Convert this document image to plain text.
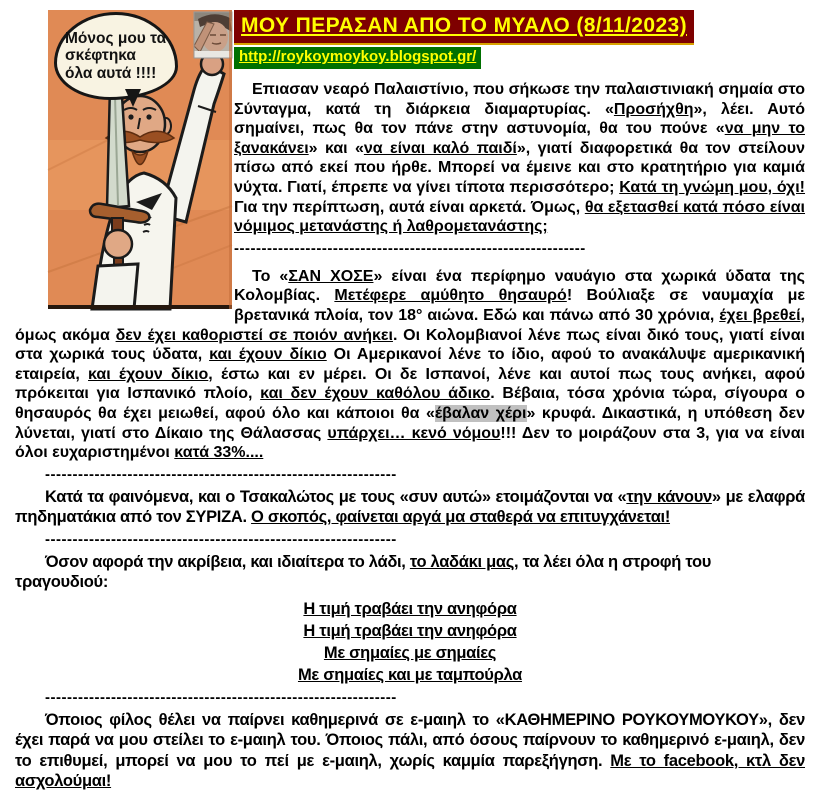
Μόνος μου τα σκέφτηκα όλα αυτά !!!!
ΜΟΥ ΠΕΡΑΣΑΝ ΑΠΟ ΤΟ ΜΥΑΛΟ (8/11/2023)
http://roykoymoykoy.blogspot.gr/
Επιασαν νεαρό Παλαιστίνιο, που σήκωσε την παλαιστινιακή σημαία στο Σύνταγμα, κατά τη διάρκεια διαμαρτυρίας. «Προσήχθη», λέει. Αυτό σημαίνει, πως θα τον πάνε στην αστυνομία, θα του πούνε «να μην το ξανακάνει» και «να είναι καλό παιδί», γιατί διαφορετικά θα τον στείλουν πίσω από εκεί που ήρθε. Μπορεί να έμεινε και στο κρατητήριο για καμιά νύχτα. Γιατί, έπρεπε να γίνει τίποτα περισσότερο; Κατά τη γνώμη μου, όχι! Για την περίπτωση, αυτά είναι αρκετά. Όμως, θα εξετασθεί κατά πόσο είναι νόμιμος μετανάστης ή λαθρομετανάστης;
----------------------------------------------------------------
Το «ΣΑΝ ΧΟΣΕ» είναι ένα περίφημο ναυάγιο στα χωρικά ύδατα της Κολομβίας. Μετέφερε αμύθητο θησαυρό! Βούλιαξε σε ναυμαχία με βρετανικά πλοία, τον 18° αιώνα. Εδώ και πάνω από 30 χρόνια, έχει βρεθεί, όμως ακόμα δεν έχει καθοριστεί σε ποιόν ανήκει. Οι Κολομβιανοί λένε πως είναι δικό τους, γιατί είναι στα χωρικά τους ύδατα, και έχουν δίκιο Οι Αμερικανοί λένε το ίδιο, αφού το ανακάλυψε αμερικανική εταιρεία, και έχουν δίκιο, έστω και εν μέρει. Οι δε Ισπανοί, λένε και αυτοί πως τους ανήκει, αφού πρόκειται για Ισπανικό πλοίο, και δεν έχουν καθόλου άδικο. Βέβαια, τόσα χρόνια τώρα, σίγουρα ο θησαυρός θα έχει μειωθεί, αφού όλο και κάποιοι θα «έβαλαν χέρι» κρυφά. Δικαστικά, η υπόθεση δεν λύνεται, γιατί στο Δίκαιο της Θάλασσας υπάρχει… κενό νόμου!!! Δεν το μοιράζουν στα 3, για να είναι όλοι ευχαριστημένοι κατά 33%....
----------------------------------------------------------------
Κατά τα φαινόμενα, και ο Τσακαλώτος με τους «συν αυτώ» ετοιμάζονται να «την κάνουν» με ελαφρά πηδηματάκια από τον ΣΥΡΙΖΑ. Ο σκοπός, φαίνεται αργά μα σταθερά να επιτυγχάνεται!
----------------------------------------------------------------
Όσον αφορά την ακρίβεια, και ιδιαίτερα το λάδι, το λαδάκι μας, τα λέει όλα η στροφή του τραγουδιού:
Η τιμή τραβάει την ανηφόρα
Η τιμή τραβάει την ανηφόρα
Με σημαίες με σημαίες
Με σημαίες και με ταμπούρλα
----------------------------------------------------------------
Όποιος φίλος θέλει να παίρνει καθημερινά σε ε-μαιηλ το «ΚΑΘΗΜΕΡΙΝΟ ΡΟΥΚΟΥΜΟΥΚΟΥ», δεν έχει παρά να μου στείλει το ε-μαιηλ του. Όποιος πάλι, από όσους παίρνουν το καθημερινό ε-μαιηλ, δεν το επιθυμεί, μπορεί να μου το πεί με ε-μαιηλ, χωρίς καμμία παρεξήγηση. Με το facebook, κτλ δεν ασχολούμαι!
